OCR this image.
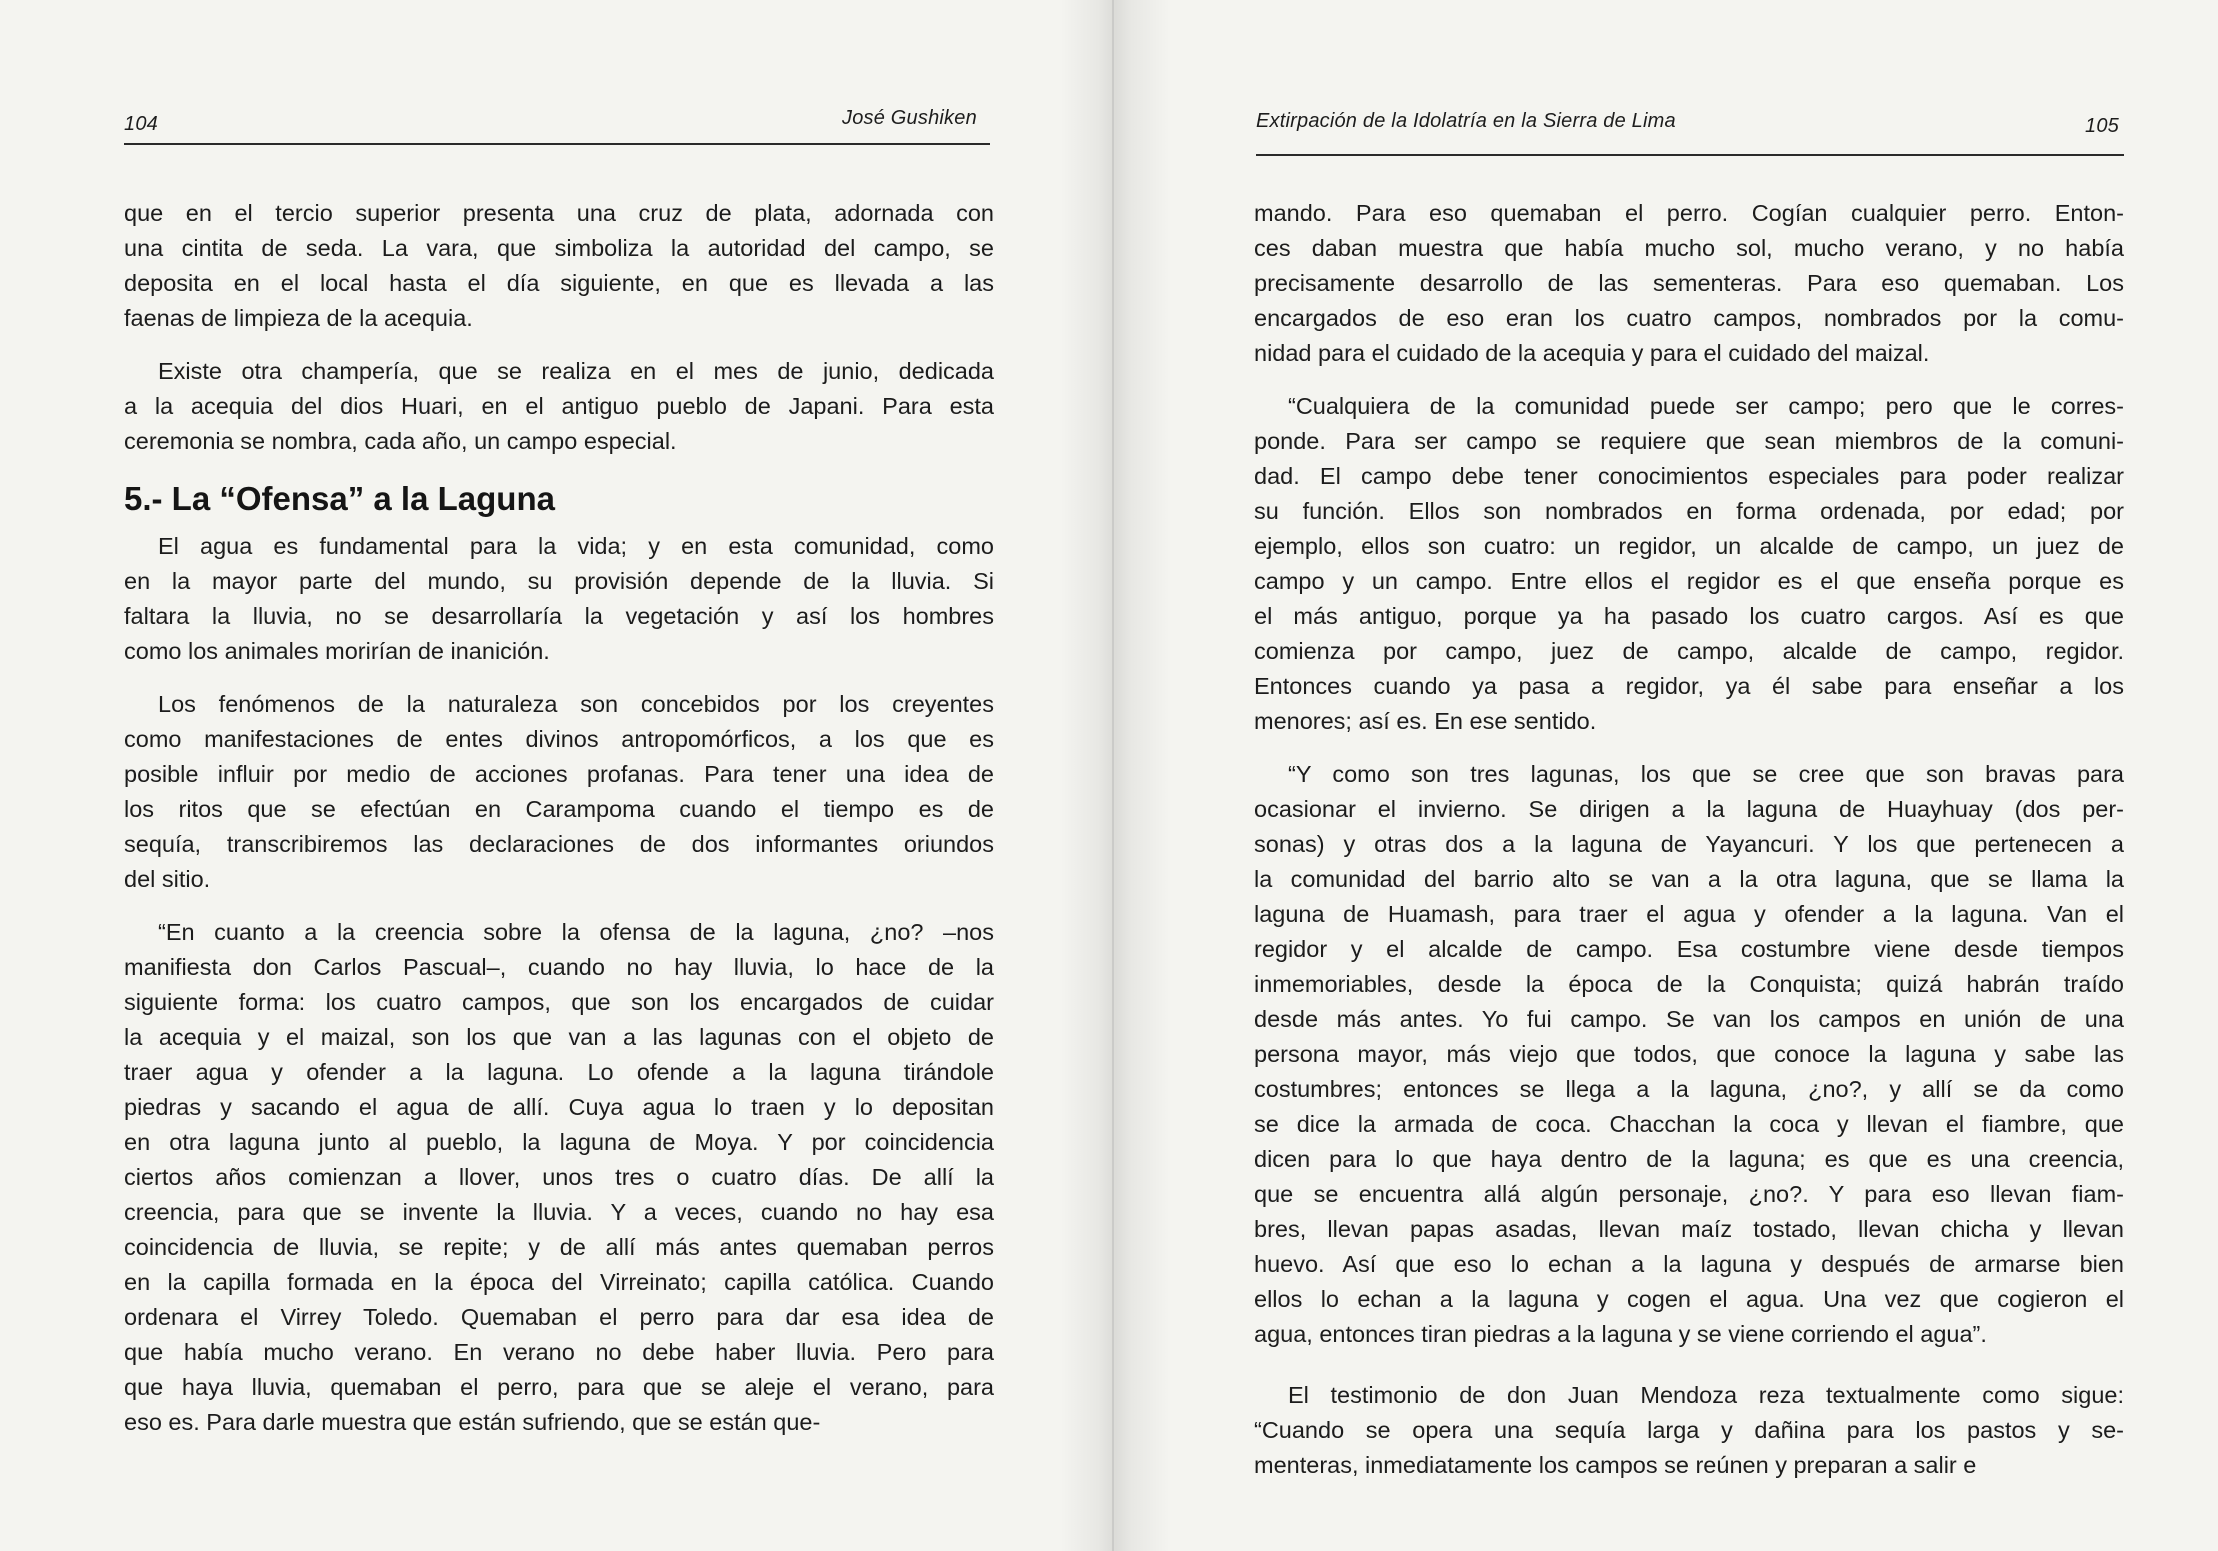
104	José Gushiken	Extirpación de la Idolatría en la Sierra de Lima	105

que en el tercio superior presenta una cruz de plata, adornada con
una cintita de seda. La vara, que simboliza la autoridad del campo, se
deposita en el local hasta el día siguiente, en que es llevada a las
faenas de limpieza de la acequia.

Existe otra champería, que se realiza en el mes de junio, dedicada
a la acequia del dios Huari, en el antiguo pueblo de Japani. Para esta
ceremonia se nombra, cada año, un campo especial.

5.- La “Ofensa” a la Laguna

El agua es fundamental para la vida; y en esta comunidad, como
en la mayor parte del mundo, su provisión depende de la lluvia. Si
faltara la lluvia, no se desarrollaría la vegetación y así los hombres
como los animales morirían de inanición.

Los fenómenos de la naturaleza son concebidos por los creyentes
como manifestaciones de entes divinos antropomórficos, a los que es
posible influir por medio de acciones profanas. Para tener una idea de
los ritos que se efectúan en Carampoma cuando el tiempo es de
sequía, transcribiremos las declaraciones de dos informantes oriundos
del sitio.

“En cuanto a la creencia sobre la ofensa de la laguna, ¿no? –nos
manifiesta don Carlos Pascual–, cuando no hay lluvia, lo hace de la
siguiente forma: los cuatro campos, que son los encargados de cuidar
la acequia y el maizal, son los que van a las lagunas con el objeto de
traer agua y ofender a la laguna. Lo ofende a la laguna tirándole
piedras y sacando el agua de allí. Cuya agua lo traen y lo depositan
en otra laguna junto al pueblo, la laguna de Moya. Y por coincidencia
ciertos años comienzan a llover, unos tres o cuatro días. De allí la
creencia, para que se invente la lluvia. Y a veces, cuando no hay esa
coincidencia de lluvia, se repite; y de allí más antes quemaban perros
en la capilla formada en la época del Virreinato; capilla católica. Cuando
ordenara el Virrey Toledo. Quemaban el perro para dar esa idea de
que había mucho verano. En verano no debe haber lluvia. Pero para
que haya lluvia, quemaban el perro, para que se aleje el verano, para
eso es. Para darle muestra que están sufriendo, que se están que-

mando. Para eso quemaban el perro. Cogían cualquier perro. Enton-
ces daban muestra que había mucho sol, mucho verano, y no había
precisamente desarrollo de las sementeras. Para eso quemaban. Los
encargados de eso eran los cuatro campos, nombrados por la comu-
nidad para el cuidado de la acequia y para el cuidado del maizal.

“Cualquiera de la comunidad puede ser campo; pero que le corres-
ponde. Para ser campo se requiere que sean miembros de la comuni-
dad. El campo debe tener conocimientos especiales para poder realizar
su función. Ellos son nombrados en forma ordenada, por edad; por
ejemplo, ellos son cuatro: un regidor, un alcalde de campo, un juez de
campo y un campo. Entre ellos el regidor es el que enseña porque es
el más antiguo, porque ya ha pasado los cuatro cargos. Así es que
comienza por campo, juez de campo, alcalde de campo, regidor.
Entonces cuando ya pasa a regidor, ya él sabe para enseñar a los
menores; así es. En ese sentido.

“Y como son tres lagunas, los que se cree que son bravas para
ocasionar el invierno. Se dirigen a la laguna de Huayhuay (dos per-
sonas) y otras dos a la laguna de Yayancuri. Y los que pertenecen a
la comunidad del barrio alto se van a la otra laguna, que se llama la
laguna de Huamash, para traer el agua y ofender a la laguna. Van el
regidor y el alcalde de campo. Esa costumbre viene desde tiempos
inmemoriables, desde la época de la Conquista; quizá habrán traído
desde más antes. Yo fui campo. Se van los campos en unión de una
persona mayor, más viejo que todos, que conoce la laguna y sabe las
costumbres; entonces se llega a la laguna, ¿no?, y allí se da como
se dice la armada de coca. Chacchan la coca y llevan el fiambre, que
dicen para lo que haya dentro de la laguna; es que es una creencia,
que se encuentra allá algún personaje, ¿no?. Y para eso llevan fiam-
bres, llevan papas asadas, llevan maíz tostado, llevan chicha y llevan
huevo. Así que eso lo echan a la laguna y después de armarse bien
ellos lo echan a la laguna y cogen el agua. Una vez que cogieron el
agua, entonces tiran piedras a la laguna y se viene corriendo el agua”.

El testimonio de don Juan Mendoza reza textualmente como sigue:
“Cuando se opera una sequía larga y dañina para los pastos y se-
menteras, inmediatamente los campos se reúnen y preparan a salir e
